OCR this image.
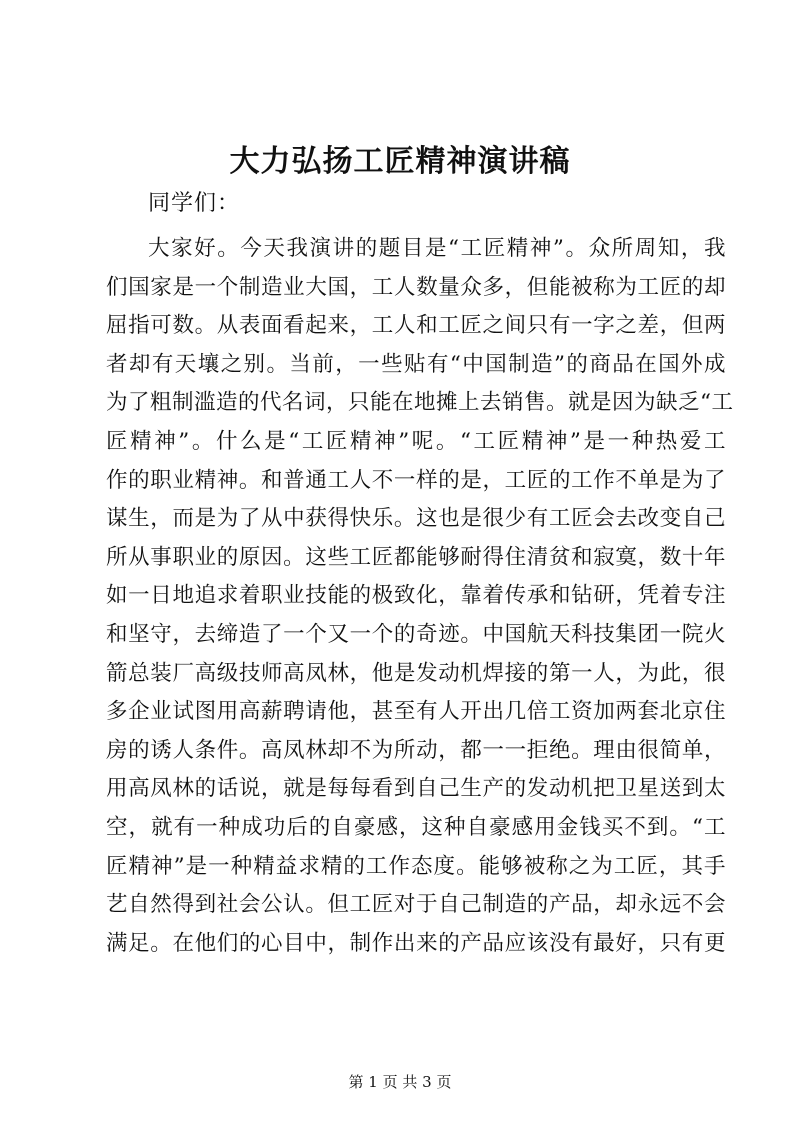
大力弘扬工匠精神演讲稿

同学们：

大家好。今天我演讲的题目是“工匠精神”。众所周知，我
们国家是一个制造业大国，工人数量众多，但能被称为工匠的却
屈指可数。从表面看起来，工人和工匠之间只有一字之差，但两
者却有天壤之别。当前，一些贴有“中国制造”的商品在国外成
为了粗制滥造的代名词，只能在地摊上去销售。就是因为缺乏“工
匠精神”。什么是“工匠精神”呢。“工匠精神”是一种热爱工
作的职业精神。和普通工人不一样的是，工匠的工作不单是为了
谋生，而是为了从中获得快乐。这也是很少有工匠会去改变自己
所从事职业的原因。这些工匠都能够耐得住清贫和寂寞，数十年
如一日地追求着职业技能的极致化，靠着传承和钻研，凭着专注
和坚守，去缔造了一个又一个的奇迹。中国航天科技集团一院火
箭总装厂高级技师高凤林，他是发动机焊接的第一人，为此，很
多企业试图用高薪聘请他，甚至有人开出几倍工资加两套北京住
房的诱人条件。高凤林却不为所动，都一一拒绝。理由很简单，
用高凤林的话说，就是每每看到自己生产的发动机把卫星送到太
空，就有一种成功后的自豪感，这种自豪感用金钱买不到。“工
匠精神”是一种精益求精的工作态度。能够被称之为工匠，其手
艺自然得到社会公认。但工匠对于自己制造的产品，却永远不会
满足。在他们的心目中，制作出来的产品应该没有最好，只有更
第 1 页 共 3 页
